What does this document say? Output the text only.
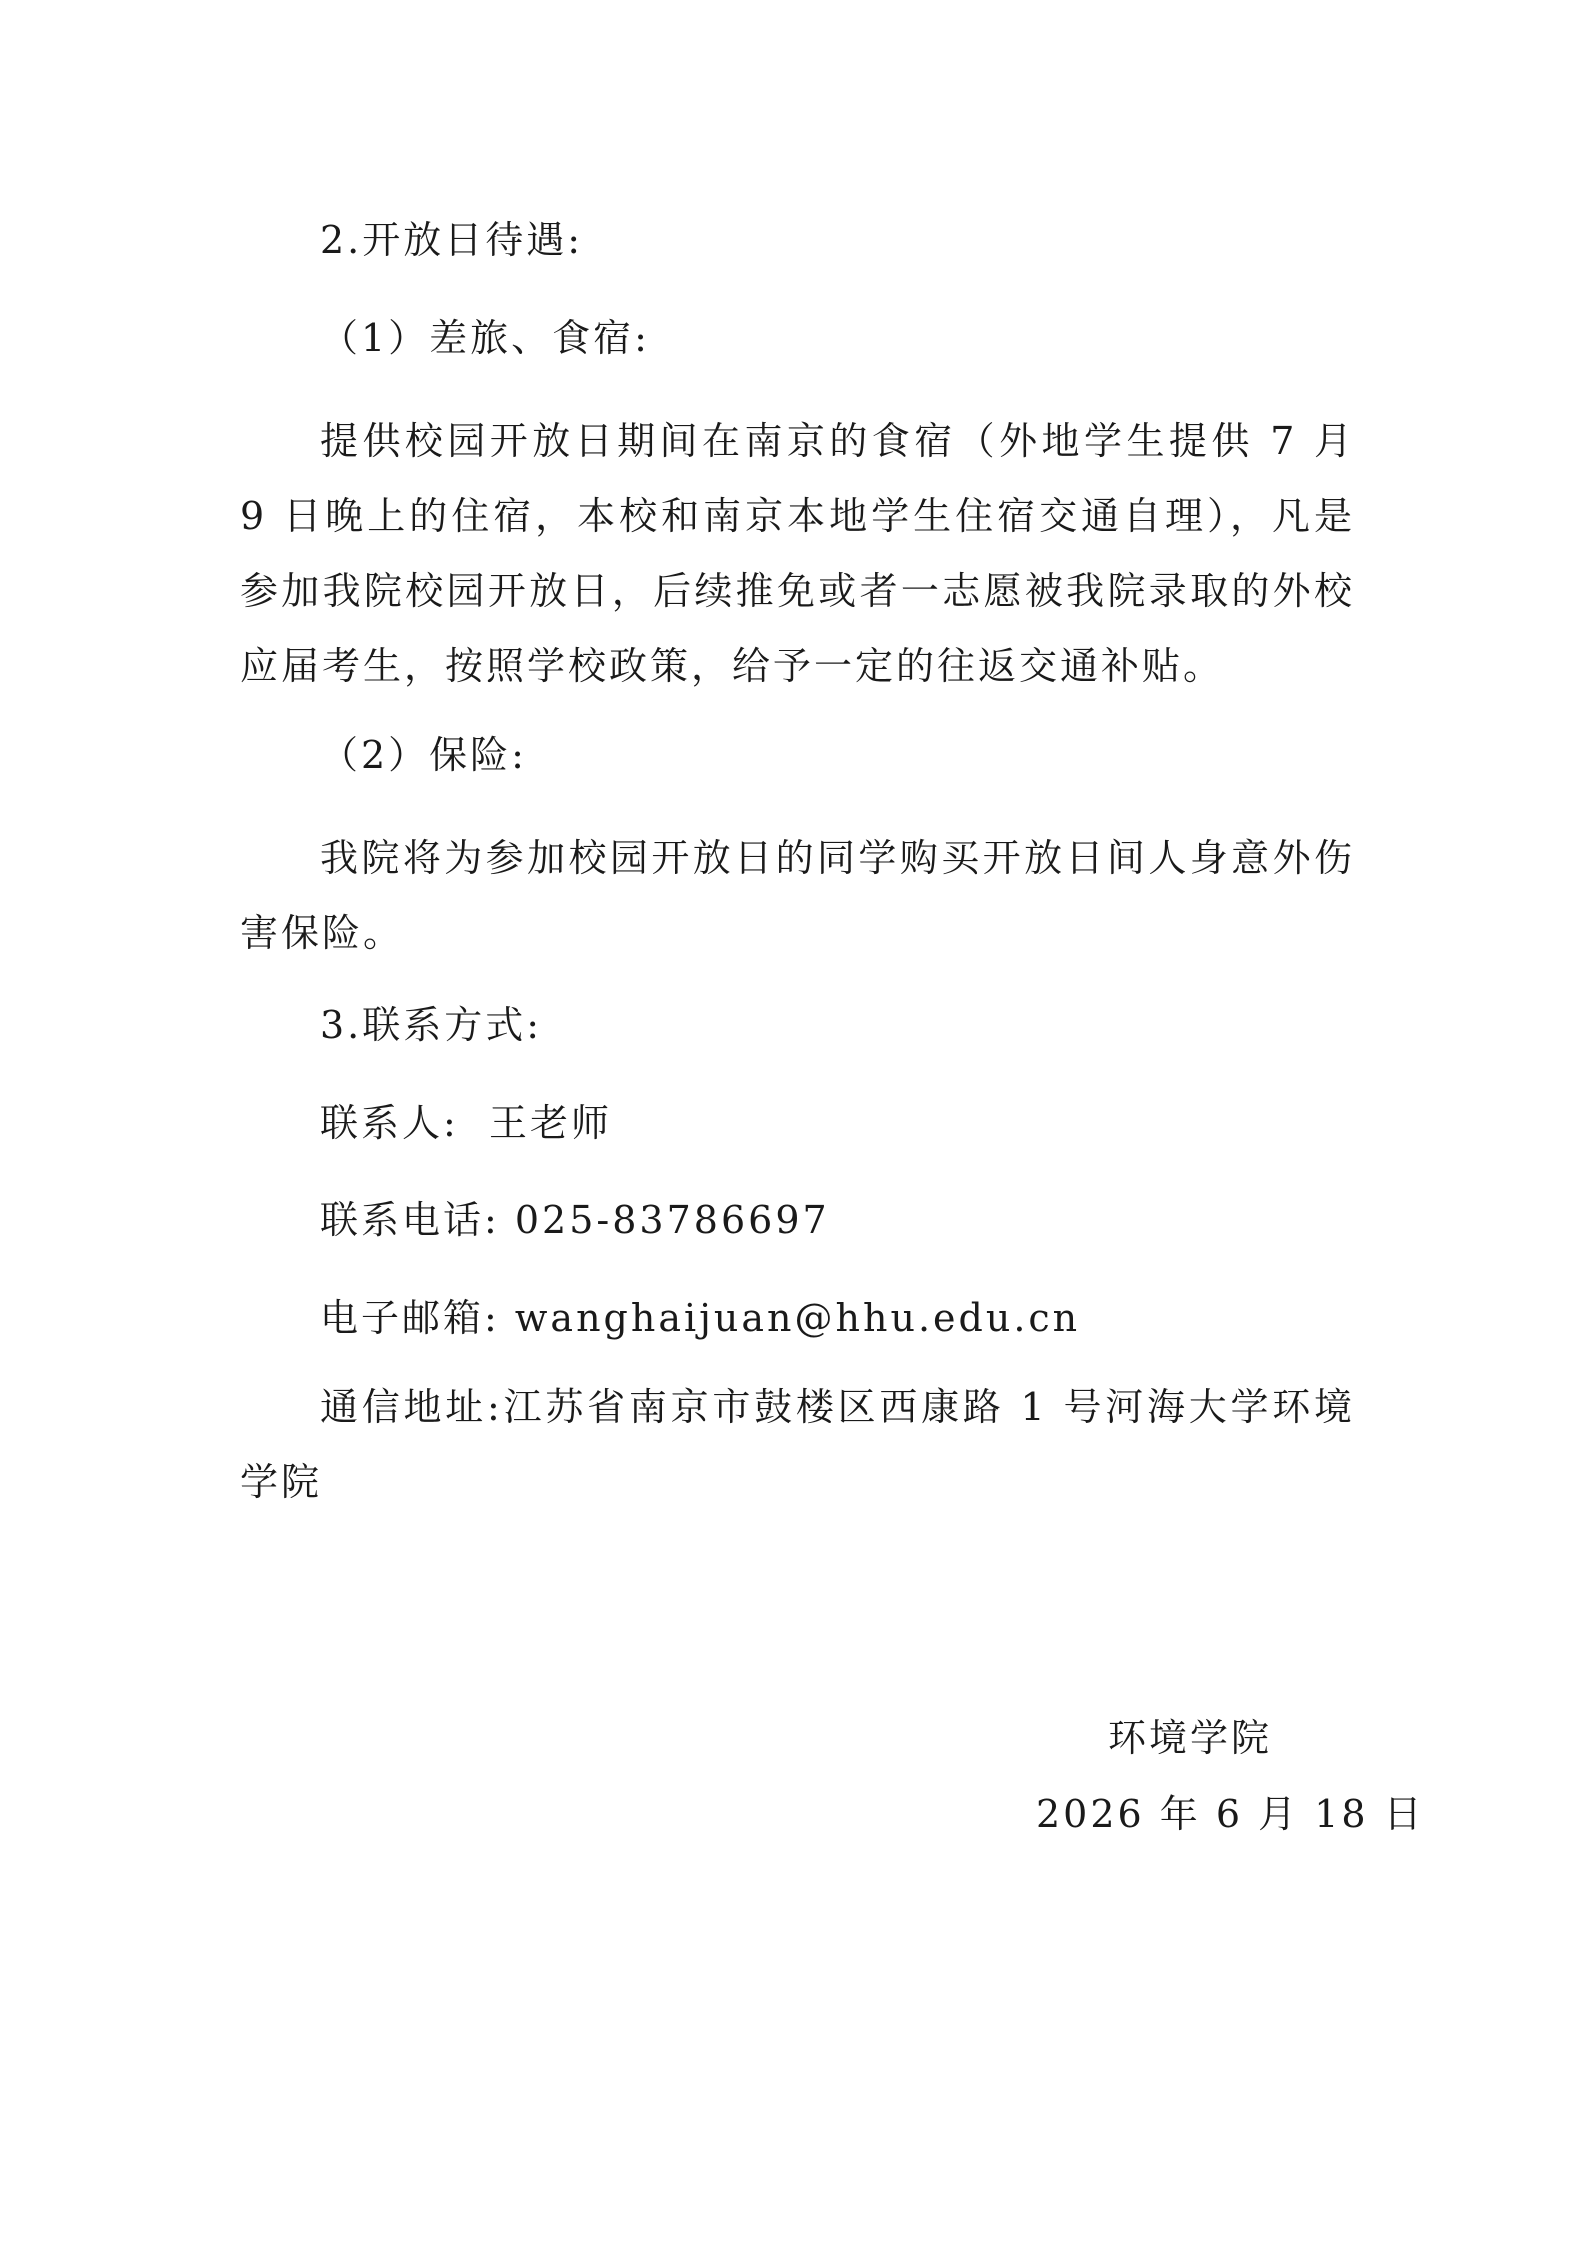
2.开放日待遇:
（1）差旅、食宿:
提供校园开放日期间在南京的食宿（外地学生提供 7 月 9 日晚上的住宿，本校和南京本地学生住宿交通自理），凡是参加我院校园开放日，后续推免或者一志愿被我院录取的外校应届考生，按照学校政策，给予一定的往返交通补贴。
（2）保险:
我院将为参加校园开放日的同学购买开放日间人身意外伤害保险。
3.联系方式:
联系人:  王老师
联系电话: 025-83786697
电子邮箱: wanghaijuan@hhu.edu.cn
通信地址:江苏省南京市鼓楼区西康路 1 号河海大学环境学院
环境学院
2026 年 6 月 18 日
